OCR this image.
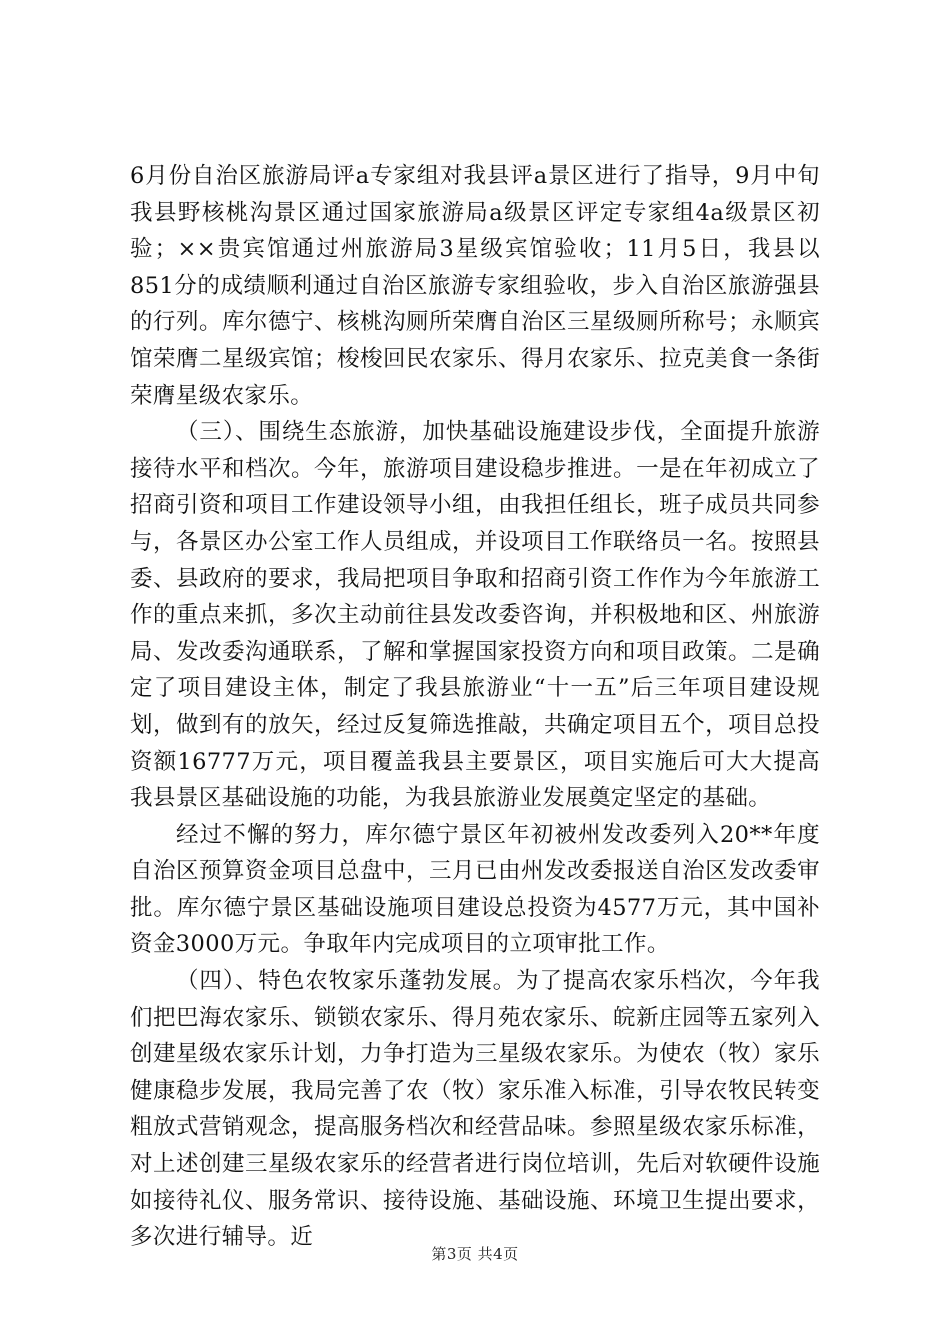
6月份自治区旅游局评a专家组对我县评a景区进行了指导，9月中旬我县野核桃沟景区通过国家旅游局a级景区评定专家组4a级景区初验；××贵宾馆通过州旅游局3星级宾馆验收；11月5日，我县以851分的成绩顺利通过自治区旅游专家组验收，步入自治区旅游强县的行列。库尔德宁、核桃沟厕所荣膺自治区三星级厕所称号；永顺宾馆荣膺二星级宾馆；梭梭回民农家乐、得月农家乐、拉克美食一条街荣膺星级农家乐。

（三）、围绕生态旅游，加快基础设施建设步伐，全面提升旅游接待水平和档次。今年，旅游项目建设稳步推进。一是在年初成立了招商引资和项目工作建设领导小组，由我担任组长，班子成员共同参与，各景区办公室工作人员组成，并设项目工作联络员一名。按照县委、县政府的要求，我局把项目争取和招商引资工作作为今年旅游工作的重点来抓，多次主动前往县发改委咨询，并积极地和区、州旅游局、发改委沟通联系，了解和掌握国家投资方向和项目政策。二是确定了项目建设主体，制定了我县旅游业“十一五”后三年项目建设规划，做到有的放矢，经过反复筛选推敲，共确定项目五个，项目总投资额16777万元，项目覆盖我县主要景区，项目实施后可大大提高我县景区基础设施的功能，为我县旅游业发展奠定坚定的基础。

经过不懈的努力，库尔德宁景区年初被州发改委列入20**年度自治区预算资金项目总盘中，三月已由州发改委报送自治区发改委审批。库尔德宁景区基础设施项目建设总投资为4577万元，其中国补资金3000万元。争取年内完成项目的立项审批工作。

（四）、特色农牧家乐蓬勃发展。为了提高农家乐档次，今年我们把巴海农家乐、锁锁农家乐、得月苑农家乐、皖新庄园等五家列入创建星级农家乐计划，力争打造为三星级农家乐。为使农（牧）家乐健康稳步发展，我局完善了农（牧）家乐准入标准，引导农牧民转变粗放式营销观念，提高服务档次和经营品味。参照星级农家乐标准，对上述创建三星级农家乐的经营者进行岗位培训，先后对软硬件设施如接待礼仪、服务常识、接待设施、基础设施、环境卫生提出要求，多次进行辅导。近

第3页 共4页
